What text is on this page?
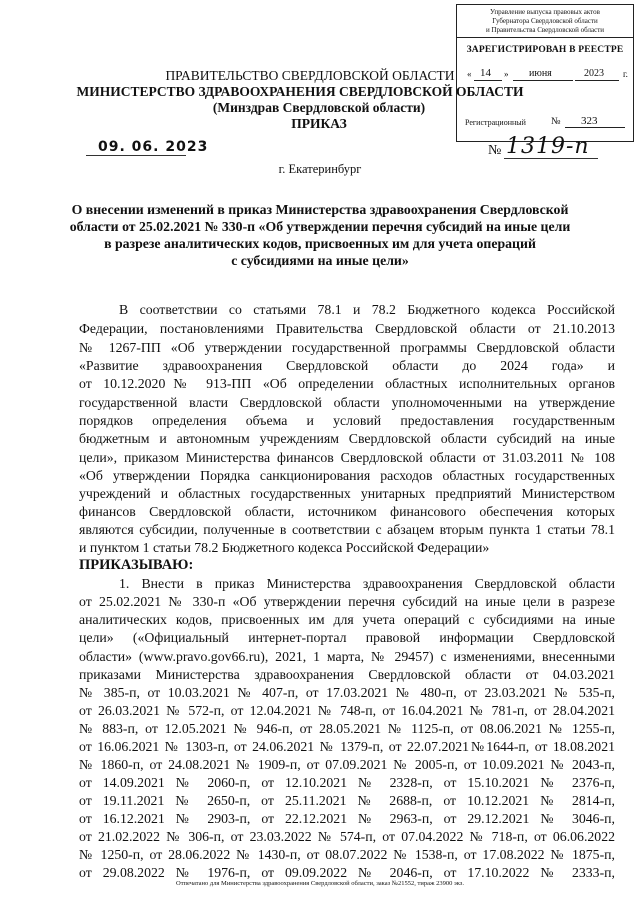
Управление выпуска правовых актов
Губернатора Свердловской области
и Правительства Свердловской области
ЗАРЕГИСТРИРОВАН В РЕЕСТРЕ
« 14 » июня	2023 г.
Регистрационный	№ 323
ПРАВИТЕЛЬСТВО СВЕРДЛОВСКОЙ ОБЛАСТИ
МИНИСТЕРСТВО ЗДРАВООХРАНЕНИЯ СВЕРДЛОВСКОЙ ОБЛАСТИ
(Минздрав Свердловской области)
ПРИКАЗ
09. 06. 2023	№ 1319-п
г. Екатеринбург
О внесении изменений в приказ Министерства здравоохранения Свердловской
области от 25.02.2021 № 330-п «Об утверждении перечня субсидий на иные цели
в разрезе аналитических кодов, присвоенных им для учета операций
с субсидиями на иные цели»
В соответствии со статьями 78.1 и 78.2 Бюджетного кодекса Российской
Федерации, постановлениями Правительства Свердловской области от 21.10.2013
№ 1267-ПП «Об утверждении государственной программы Свердловской области
«Развитие здравоохранения Свердловской области до 2024 года» и
от 10.12.2020№ 913-ПП «Об определении областных исполнительных органов
государственной власти Свердловской области уполномоченными на утверждение
порядков определения объема и условий предоставления государственным
бюджетным и автономным учреждениям Свердловской области субсидий на иные
цели», приказом Министерства финансов Свердловской области от 31.03.2011 № 108
«Об утверждении Порядка санкционирования расходов областных государственных
учреждений и областных государственных унитарных предприятий Министерством
финансов Свердловской области, источником финансового обеспечения которых
являются субсидии, полученные в соответствии с абзацем вторым пункта 1 статьи 78.1
и пунктом 1 статьи 78.2 Бюджетного кодекса Российской Федерации»
ПРИКАЗЫВАЮ:
1. Внести в приказ Министерства здравоохранения Свердловской области
от 25.02.2021 № 330-п «Об утверждении перечня субсидий на иные цели в разрезе
аналитических кодов, присвоенных им для учета операций с субсидиями на иные
цели» («Официальный интернет-портал правовой информации Свердловской
области» (www.pravo.gov66.ru), 2021, 1 марта, № 29457) с изменениями, внесенными
приказами Министерства здравоохранения Свердловской области от 04.03.2021
№ 385-п, от 10.03.2021 № 407-п, от 17.03.2021 № 480-п, от 23.03.2021 № 535-п,
от 26.03.2021 № 572-п, от 12.04.2021 № 748-п, от 16.04.2021 № 781-п, от 28.04.2021
№ 883-п, от 12.05.2021 № 946-п, от 28.05.2021 № 1125-п, от 08.06.2021 № 1255-п,
от 16.06.2021 № 1303-п, от 24.06.2021 № 1379-п, от 22.07.2021№1644-п, от 18.08.2021
№ 1860-п, от 24.08.2021 № 1909-п, от 07.09.2021 № 2005-п, от 10.09.2021 № 2043-п,
от 14.09.2021 № 2060-п, от 12.10.2021 № 2328-п, от 15.10.2021 № 2376-п,
от 19.11.2021 № 2650-п, от 25.11.2021 № 2688-п, от 10.12.2021 № 2814-п,
от 16.12.2021 № 2903-п, от 22.12.2021 № 2963-п, от 29.12.2021 № 3046-п,
от 21.02.2022 № 306-п, от 23.03.2022 № 574-п, от 07.04.2022 № 718-п, от 06.06.2022
№ 1250-п, от 28.06.2022 № 1430-п, от 08.07.2022 № 1538-п, от 17.08.2022 № 1875-п,
от 29.08.2022 № 1976-п, от 09.09.2022 № 2046-п, от 17.10.2022 № 2333-п,
Отпечатано для Министерства здравоохранения Свердловской области, заказ №21552, тираж 23900 экз.
